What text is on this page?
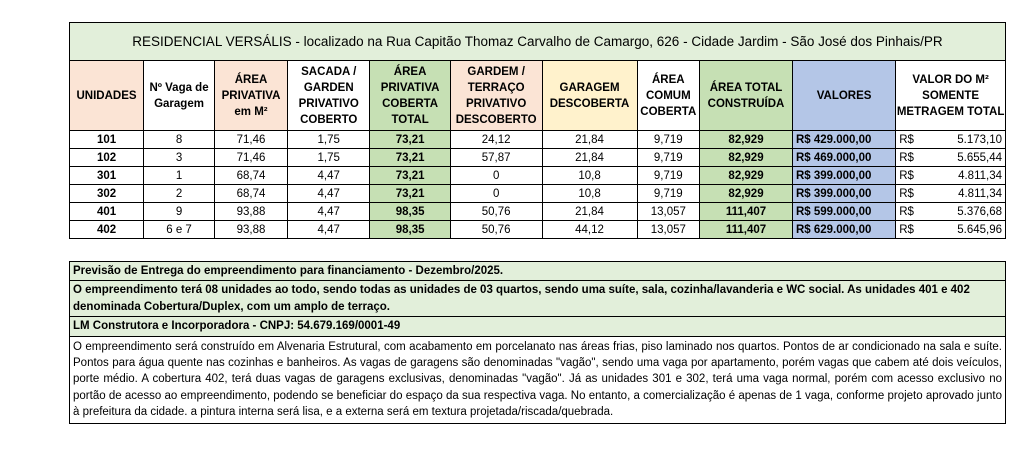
RESIDENCIAL VERSÁLIS - localizado na Rua Capitão Thomaz Carvalho de Camargo, 626 - Cidade Jardim - São José dos Pinhais/PR										
UNIDADES	Nº Vaga de Garagem	ÁREA PRIVATIVA em M²	SACADA / GARDEN PRIVATIVO COBERTO	ÁREA PRIVATIVA COBERTA TOTAL	GARDEM / TERRAÇO PRIVATIVO DESCOBERTO	GARAGEM DESCOBERTA	ÁREA COMUM COBERTA	ÁREA TOTAL CONSTRUÍDA	VALORES	VALOR DO M² SOMENTE METRAGEM TOTAL
101	8	71,46	1,75	73,21	24,12	21,84	9,719	82,929	R$ 429.000,00	R$ 5.173,10

102	3	71,46	1,75	73,21	57,87	21,84	9,719	82,929	R$ 469.000,00	R$ 5.655,44

301	1	68,74	4,47	73,21	0	10,8	9,719	82,929	R$ 399.000,00	R$ 4.811,34

302	2	68,74	4,47	73,21	0	10,8	9,719	82,929	R$ 399.000,00	R$ 4.811,34

401	9	93,88	4,47	98,35	50,76	21,84	13,057	111,407	R$ 599.000,00	R$ 5.376,68

402	6 e 7	93,88	4,47	98,35	50,76	44,12	13,057	111,407	R$ 629.000,00	R$ 5.645,96
Previsão de Entrega do empreendimento para financiamento - Dezembro/2025.
O empreendimento terá 08 unidades ao todo, sendo todas as unidades de 03 quartos, sendo uma suíte, sala, cozinha/lavanderia e WC social. As unidades 401 e 402 denominada Cobertura/Duplex, com um amplo de terraço.
LM Construtora e Incorporadora - CNPJ: 54.679.169/0001-49
O empreendimento será construído em Alvenaria Estrutural, com acabamento em porcelanato nas áreas frias, piso laminado nos quartos. Pontos de ar condicionado na sala e suíte. Pontos para água quente nas cozinhas e banheiros. As vagas de garagens são denominadas "vagão", sendo uma vaga por apartamento, porém vagas que cabem até dois veículos, porte médio. A cobertura 402, terá duas vagas de garagens exclusivas, denominadas "vagão". Já as unidades 301 e 302, terá uma vaga normal, porém com acesso exclusivo no portão de acesso ao empreendimento, podendo se beneficiar do espaço da sua respectiva vaga. No entanto, a comercialização é apenas de 1 vaga, conforme projeto aprovado junto à prefeitura da cidade. a pintura interna será lisa, e a externa será em textura projetada/riscada/quebrada.
